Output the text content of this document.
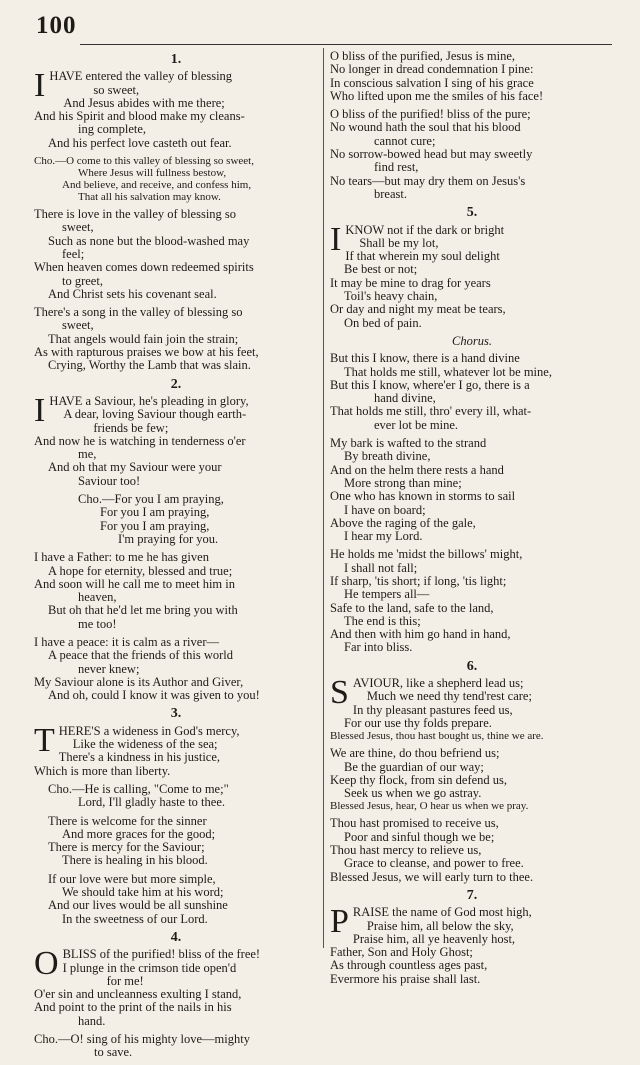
100
1.
I HAVE entered the valley of blessing
so sweet,
And Jesus abides with me there;
And his Spirit and blood make my cleans-
ing complete,
And his perfect love casteth out fear.
Cho.—O come to this valley of blessing so sweet,
Where Jesus will fullness bestow,
And believe, and receive, and confess him,
That all his salvation may know.
There is love in the valley of blessing so
sweet,
Such as none but the blood-washed may
feel;
When heaven comes down redeemed spirits
to greet,
And Christ sets his covenant seal.
There's a song in the valley of blessing so
sweet,
That angels would fain join the strain;
As with rapturous praises we bow at his feet,
Crying, Worthy the Lamb that was slain.
2.
I HAVE a Saviour, he's pleading in glory,
A dear, loving Saviour though earth-
friends be few;
And now he is watching in tenderness o'er
me,
And oh that my Saviour were your
Saviour too!
Cho.—For you I am praying,
For you I am praying,
For you I am praying,
I'm praying for you.
I have a Father: to me he has given
A hope for eternity, blessed and true;
And soon will he call me to meet him in
heaven,
But oh that he'd let me bring you with
me too!
I have a peace: it is calm as a river—
A peace that the friends of this world
never knew;
My Saviour alone is its Author and Giver,
And oh, could I know it was given to you!
3.
T HERE'S a wideness in God's mercy,
Like the wideness of the sea;
There's a kindness in his justice,
Which is more than liberty.
Cho.—He is calling, "Come to me;"
Lord, I'll gladly haste to thee.
There is welcome for the sinner
And more graces for the good;
There is mercy for the Saviour;
There is healing in his blood.
If our love were but more simple,
We should take him at his word;
And our lives would be all sunshine
In the sweetness of our Lord.
4.
O BLISS of the purified! bliss of the free!
I plunge in the crimson tide open'd
for me!
O'er sin and uncleanness exulting I stand,
And point to the print of the nails in his
hand.
Cho.—O! sing of his mighty love—mighty
to save.
O bliss of the purified, Jesus is mine,
No longer in dread condemnation I pine:
In conscious salvation I sing of his grace
Who lifted upon me the smiles of his face!
O bliss of the purified! bliss of the pure;
No wound hath the soul that his blood
cannot cure;
No sorrow-bowed head but may sweetly
find rest,
No tears—but may dry them on Jesus's
breast.
5.
I KNOW not if the dark or bright
Shall be my lot,
If that wherein my soul delight
Be best or not;
It may be mine to drag for years
Toil's heavy chain,
Or day and night my meat be tears,
On bed of pain.
Chorus.
But this I know, there is a hand divine
That holds me still, whatever lot be mine,
But this I know, where'er I go, there is a
hand divine,
That holds me still, thro' every ill, what-
ever lot be mine.
My bark is wafted to the strand
By breath divine,
And on the helm there rests a hand
More strong than mine;
One who has known in storms to sail
I have on board;
Above the raging of the gale,
I hear my Lord.
He holds me 'midst the billows' might,
I shall not fall;
If sharp, 'tis short; if long, 'tis light;
He tempers all—
Safe to the land, safe to the land,
The end is this;
And then with him go hand in hand,
Far into bliss.
6.
S AVIOUR, like a shepherd lead us;
Much we need thy tend'rest care;
In thy pleasant pastures feed us,
For our use thy folds prepare.
Blessed Jesus, thou hast bought us, thine we are.
We are thine, do thou befriend us;
Be the guardian of our way;
Keep thy flock, from sin defend us,
Seek us when we go astray.
Blessed Jesus, hear, O hear us when we pray.
Thou hast promised to receive us,
Poor and sinful though we be;
Thou hast mercy to relieve us,
Grace to cleanse, and power to free.
Blessed Jesus, we will early turn to thee.
7.
P RAISE the name of God most high,
Praise him, all below the sky,
Praise him, all ye heavenly host,
Father, Son and Holy Ghost;
As through countless ages past,
Evermore his praise shall last.
